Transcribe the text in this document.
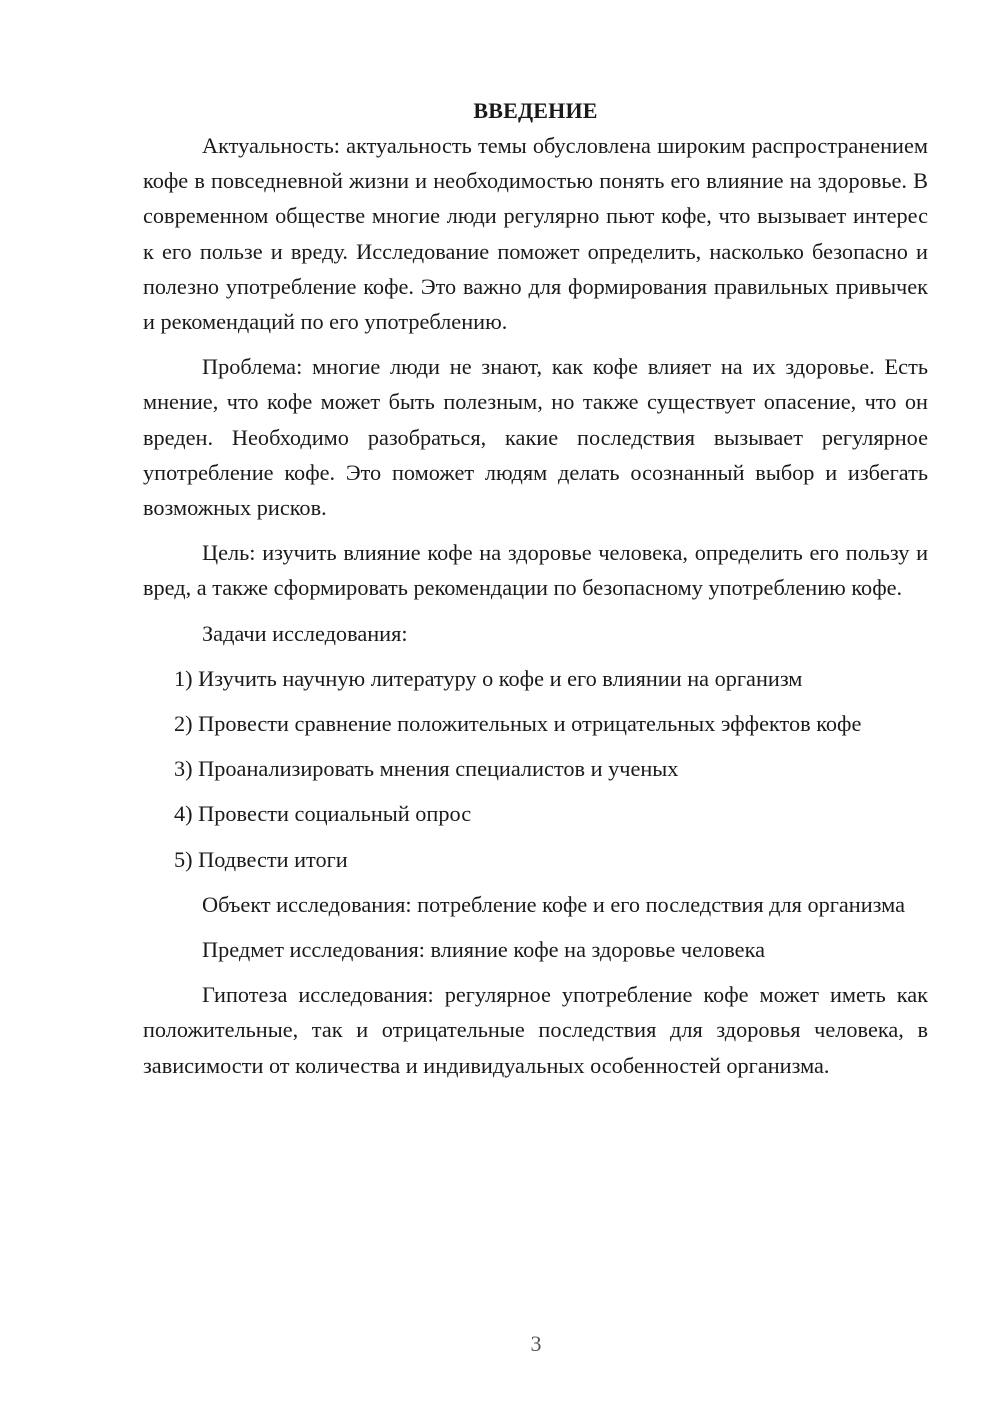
ВВЕДЕНИЕ

Актуальность: актуальность темы обусловлена широким распространением кофе в повседневной жизни и необходимостью понять его влияние на здоровье. В современном обществе многие люди регулярно пьют кофе, что вызывает интерес к его пользе и вреду. Исследование поможет определить, насколько безопасно и полезно употребление кофе. Это важно для формирования правильных привычек и рекомендаций по его употреблению.

Проблема: многие люди не знают, как кофе влияет на их здоровье. Есть мнение, что кофе может быть полезным, но также существует опасение, что он вреден. Необходимо разобраться, какие последствия вызывает регулярное употребление кофе. Это поможет людям делать осознанный выбор и избегать возможных рисков.

Цель: изучить влияние кофе на здоровье человека, определить его пользу и вред, а также сформировать рекомендации по безопасному употреблению кофе.

Задачи исследования:

1) Изучить научную литературу о кофе и его влиянии на организм

2) Провести сравнение положительных и отрицательных эффектов кофе

3) Проанализировать мнения специалистов и ученых

4) Провести социальный опрос

5) Подвести итоги

Объект исследования: потребление кофе и его последствия для организма

Предмет исследования: влияние кофе на здоровье человека

Гипотеза исследования: регулярное употребление кофе может иметь как положительные, так и отрицательные последствия для здоровья человека, в зависимости от количества и индивидуальных особенностей организма.

3
